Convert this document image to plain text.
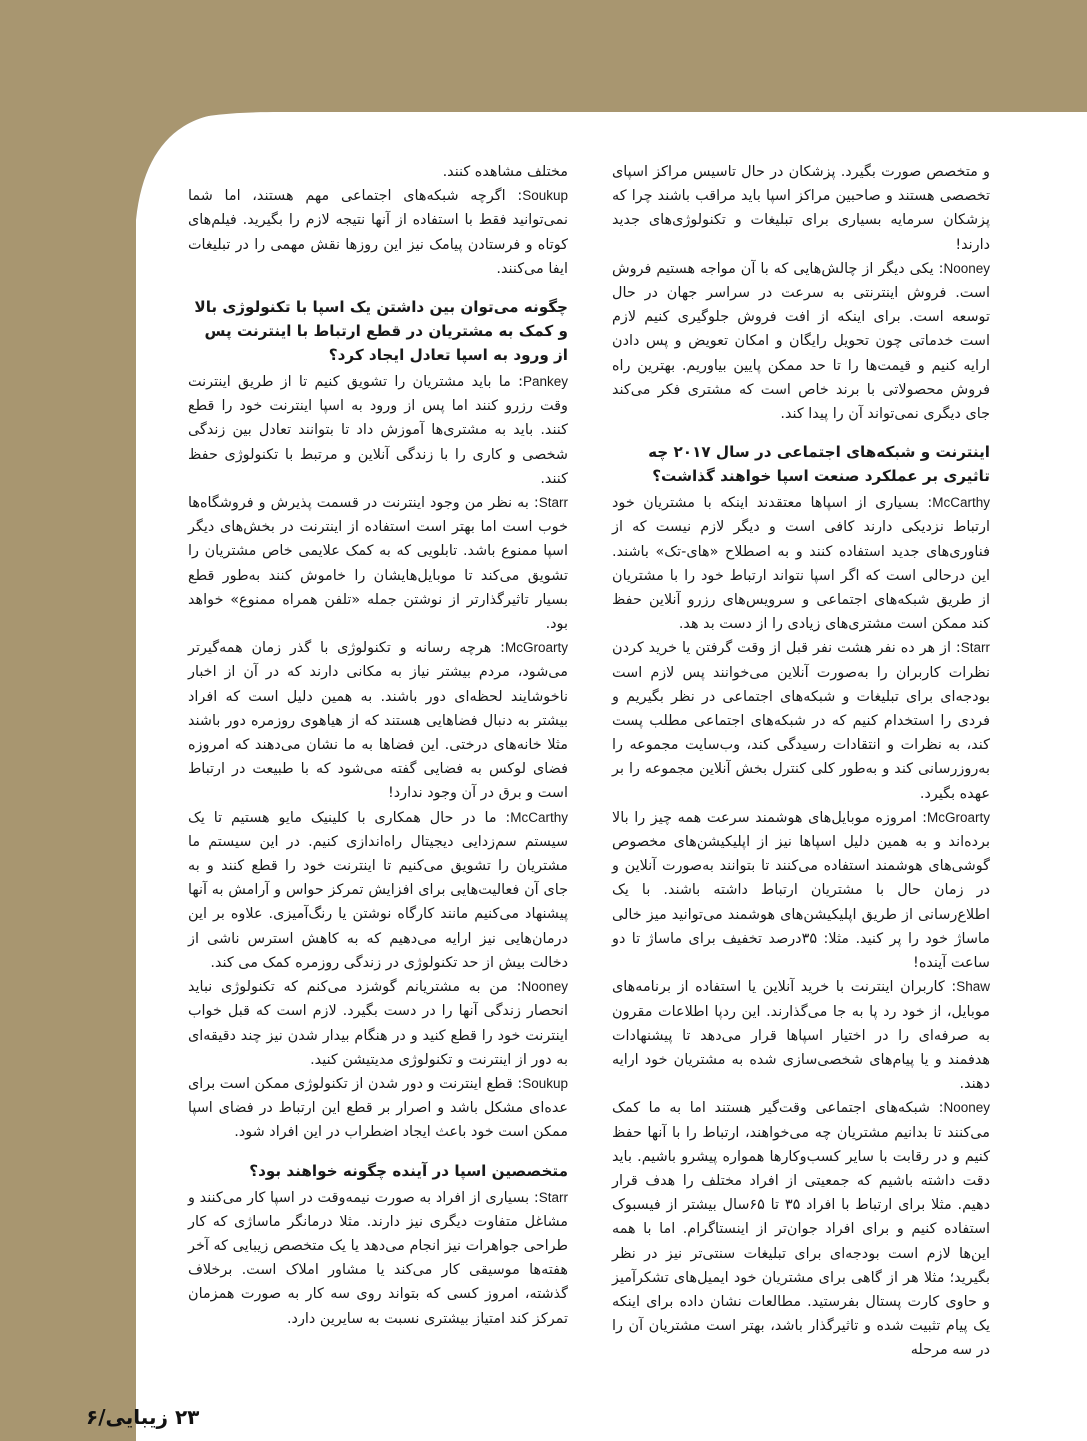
و متخصص صورت بگیرد. پزشکان در حال تاسیس مراکز اسپای تخصصی هستند و صاحبین مراکز اسپا باید مراقب باشند چرا که پزشکان سرمایه بسیاری برای تبلیغات و تکنولوژی‌های جدید دارند!

Nooney: یکی دیگر از چالش‌هایی که با آن مواجه هستیم فروش است. فروش اینترنتی به سرعت در سراسر جهان در حال توسعه است. برای اینکه از افت فروش جلوگیری کنیم لازم است خدماتی چون تحویل رایگان و امکان تعویض و پس دادن ارایه کنیم و قیمت‌ها را تا حد ممکن پایین بیاوریم. بهترین راه فروش محصولاتی با برند خاص است که مشتری فکر می‌کند جای دیگری نمی‌تواند آن را پیدا کند.

اینترنت و شبکه‌های اجتماعی در سال ۲۰۱۷ چه تاثیری بر عملکرد صنعت اسپا خواهند گذاشت؟

McCarthy: بسیاری از اسپاها معتقدند اینکه با مشتریان خود ارتباط نزدیکی دارند کافی است و دیگر لازم نیست که از فناوری‌های جدید استفاده کنند و به اصطلاح «های-تک» باشند. این درحالی است که اگر اسپا نتواند ارتباط خود را با مشتریان از طریق شبکه‌های اجتماعی و سرویس‌های رزرو آنلاین حفظ کند ممکن است مشتری‌های زیادی را از دست بد هد.

Starr: از هر ده نفر هشت نفر قبل از وقت گرفتن یا خرید کردن نظرات کاربران را به‌صورت آنلاین می‌خوانند پس لازم است بودجه‌ای برای تبلیغات و شبکه‌های اجتماعی در نظر بگیریم و فردی را استخدام کنیم که در شبکه‌های اجتماعی مطلب پست کند، به نظرات و انتقادات رسیدگی کند، وب‌سایت مجموعه را به‌روزرسانی کند و به‌طور کلی کنترل بخش آنلاین مجموعه را بر عهده بگیرد.

McGroarty: امروزه موبایل‌های هوشمند سرعت همه چیز را بالا برده‌اند و به همین دلیل اسپاها نیز از اپلیکیشن‌های مخصوص گوشی‌های هوشمند استفاده می‌کنند تا بتوانند به‌صورت آنلاین و در زمان حال با مشتریان ارتباط داشته باشند. با یک اطلاع‌رسانی از طریق اپلیکیشن‌های هوشمند می‌توانید میز خالی ماساژ خود را پر کنید. مثلا: ۳۵درصد تخفیف برای ماساژ تا دو ساعت آینده!

Shaw: کاربران اینترنت با خرید آنلاین یا استفاده از برنامه‌های موبایل، از خود رد پا به جا می‌گذارند. این ردپا اطلاعات مقرون به صرفه‌ای را در اختیار اسپاها قرار می‌دهد تا پیشنهادات هدفمند و یا پیام‌های شخصی‌سازی شده به مشتریان خود ارایه دهند.

Nooney: شبکه‌های اجتماعی وقت‌گیر هستند اما به ما کمک می‌کنند تا بدانیم مشتریان چه می‌خواهند، ارتباط را با آنها حفظ کنیم و در رقابت با سایر کسب‌وکارها همواره پیشرو باشیم. باید دقت داشته باشیم که جمعیتی از افراد مختلف را هدف قرار دهیم. مثلا برای ارتباط با افراد ۳۵ تا ۶۵سال بیشتر از فیسبوک استفاده کنیم و برای افراد جوان‌تر از اینستاگرام. اما با همه این‌ها لازم است بودجه‌ای برای تبلیغات سنتی‌تر نیز در نظر بگیرید؛ مثلا هر از گاهی برای مشتریان خود ایمیل‌های تشکرآمیز و حاوی کارت پستال بفرستید. مطالعات نشان داده برای اینکه یک پیام تثبیت شده و تاثیرگذار باشد، بهتر است مشتریان آن را در سه مرحله

مختلف مشاهده کنند.

Soukup: اگرچه شبکه‌های اجتماعی مهم هستند، اما شما نمی‌توانید فقط با استفاده از آنها نتیجه لازم را بگیرید. فیلم‌های کوتاه و فرستادن پیامک نیز این روزها نقش مهمی را در تبلیغات ایفا می‌کنند.

چگونه می‌توان بین داشتن یک اسپا با تکنولوژی بالا و کمک به مشتریان در قطع ارتباط با اینترنت پس از ورود به اسپا تعادل ایجاد کرد؟

Pankey: ما باید مشتریان را تشویق کنیم تا از طریق اینترنت وقت رزرو کنند اما پس از ورود به اسپا اینترنت خود را قطع کنند. باید به مشتری‌ها آموزش داد تا بتوانند تعادل بین زندگی شخصی و کاری را با زندگی آنلاین و مرتبط با تکنولوژی حفظ کنند.

Starr: به نظر من وجود اینترنت در قسمت پذیرش و فروشگاه‌ها خوب است اما بهتر است استفاده از اینترنت در بخش‌های دیگر اسپا ممنوع باشد. تابلویی که به کمک علایمی خاص مشتریان را تشویق می‌کند تا موبایل‌هایشان را خاموش کنند به‌طور قطع بسیار تاثیرگذارتر از نوشتن جمله «تلفن همراه ممنوع» خواهد بود.

McGroarty: هرچه رسانه و تکنولوژی با گذر زمان همه‌گیرتر می‌شود، مردم بیشتر نیاز به مکانی دارند که در آن از اخبار ناخوشایند لحظه‌ای دور باشند. به همین دلیل است که افراد بیشتر به دنبال فضاهایی هستند که از هیاهوی روزمره دور باشند مثلا خانه‌های درختی. این فضاها به ما نشان می‌دهند که امروزه فضای لوکس به فضایی گفته می‌شود که با طبیعت در ارتباط است و برق در آن وجود ندارد!

McCarthy: ما در حال همکاری با کلینیک مایو هستیم تا یک سیستم سم‌زدایی دیجیتال راه‌اندازی کنیم. در این سیستم ما مشتریان را تشویق می‌کنیم تا اینترنت خود را قطع کنند و به جای آن فعالیت‌هایی برای افزایش تمرکز حواس و آرامش به آنها پیشنهاد می‌کنیم مانند کارگاه نوشتن یا رنگ‌آمیزی. علاوه بر این درمان‌هایی نیز ارایه می‌دهیم که به کاهش استرس ناشی از دخالت بیش از حد تکنولوژی در زندگی روزمره کمک می کند.

Nooney: من به مشتریانم گوشزد می‌کنم که تکنولوژی نباید انحصار زندگی آنها را در دست بگیرد. لازم است که قبل خواب اینترنت خود را قطع کنید و در هنگام بیدار شدن نیز چند دقیقه‌ای به دور از اینترنت و تکنولوژی مدیتیشن کنید.

Soukup: قطع اینترنت و دور شدن از تکنولوژی ممکن است برای عده‌ای مشکل باشد و اصرار بر قطع این ارتباط در فضای اسپا ممکن است خود باعث ایجاد اضطراب در این افراد شود.

متخصصین اسپا در آینده چگونه خواهند بود؟

Starr: بسیاری از افراد به صورت نیمه‌وقت در اسپا کار می‌کنند و مشاغل متفاوت دیگری نیز دارند. مثلا درمانگر ماساژی که کار طراحی جواهرات نیز انجام می‌دهد یا یک متخصص زیبایی که آخر هفته‌ها موسیقی کار می‌کند یا مشاور املاک است. برخلاف گذشته، امروز کسی که بتواند روی سه کار به صورت همزمان تمرکز کند امتیاز بیشتری نسبت به سایرین دارد.

۲۳ زیبایی/۶
